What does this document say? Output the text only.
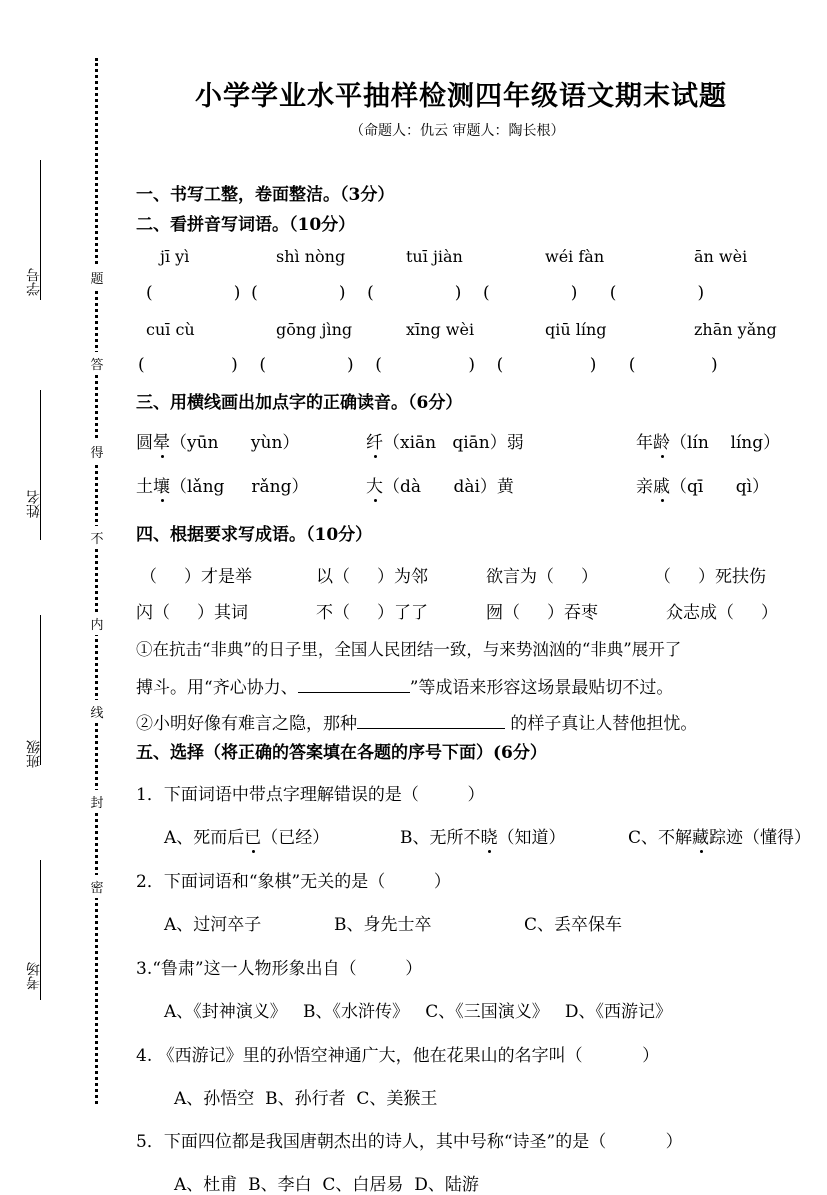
学号
姓名
班级
考场
题
答
得
不
内
线
封
密
小学学业水平抽样检测四年级语文期末试题
（命题人：仇云 审题人：陶长根）
一、书写工整，卷面整洁。（3分）
二、看拼音写词语。（10分）
jī yì	shì nòng	tuī jiàn	wéi fàn	ān wèi
(               )  (               )    (               )    (               )      (               )
cuī cù	gōng jìng	xīng wèi	qiū líng	zhān yǎng
(                )    (               )    (                )    (                )      (              )
三、用横线画出加点字的正确读音。（6分）
圆晕（yūn      yùn）	纤（xiān   qiān）弱	年龄（lín    líng）
土壤（lǎng     rǎng）	大（dà      dài）黄	亲戚（qī      qì）
四、根据要求写成语。（10分）
（     ）才是举	以（     ）为邻	欲言为（     ）	（     ）死扶伤
闪（     ）其词	不（     ）了了	囫（     ）吞枣	众志成（     ）
①在抗击“非典”的日子里，全国人民团结一致，与来势汹汹的“非典”展开了
搏斗。用“齐心协力、	”等成语来形容这场景最贴切不过。
②小明好像有难言之隐，那种	的样子真让人替他担忧。
五、选择（将正确的答案填在各题的序号下面）(6分）
1．下面词语中带点字理解错误的是（         ）
A、死而后已（已经）	B、无所不晓（知道）	C、不解藏踪迹（懂得）
2．下面词语和“象棋”无关的是（         ）
A、过河卒子	B、身先士卒	C、丢卒保车
3.“鲁肃”这一人物形象出自（         ）
A、《封神演义》   B、《水浒传》   C、《三国演义》   D、《西游记》
4. 《西游记》里的孙悟空神通广大，他在花果山的名字叫（           ）
A、孙悟空  B、孙行者  C、美猴王
5．下面四位都是我国唐朝杰出的诗人，其中号称“诗圣”的是（           ）
A、杜甫  B、李白  C、白居易  D、陆游
